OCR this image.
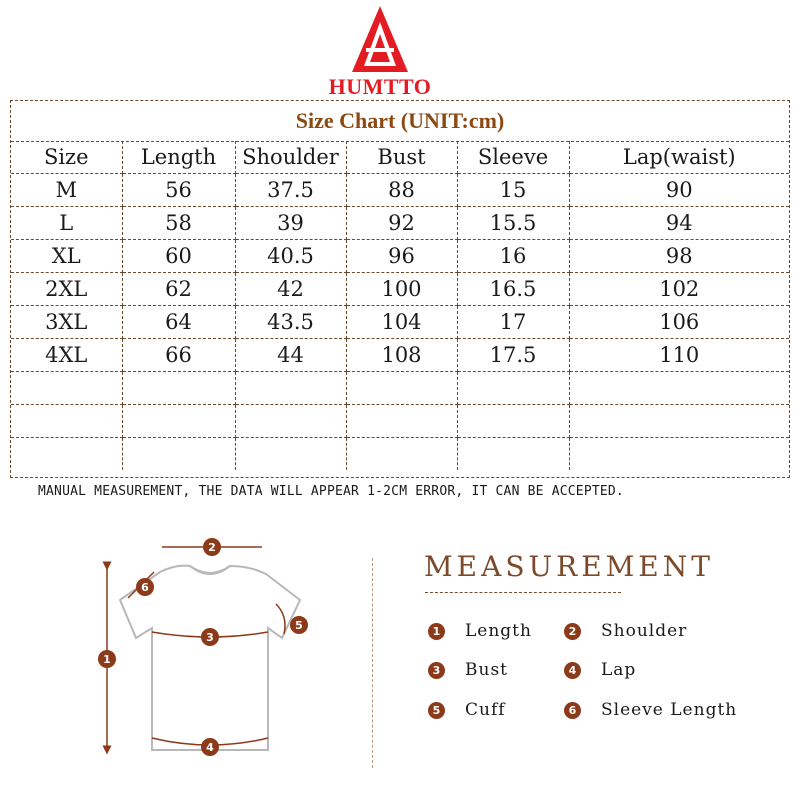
HUMTTO
Size Chart (UNIT:cm)
Size	Length	Shoulder	Bust	Sleeve	Lap(waist)
M	56	37.5	88	15	90
L	58	39	92	15.5	94
XL	60	40.5	96	16	98
2XL	62	42	100	16.5	102
3XL	64	43.5	104	17	106
4XL	66	44	108	17.5	110

MANUAL MEASUREMENT, THE DATA WILL APPEAR 1-2CM ERROR, IT CAN BE ACCEPTED.
1
2
3
4
5
6
MEASUREMENT
1 Length	2 Shoulder
3 Bust	4 Lap
5 Cuff	6 Sleeve Length
